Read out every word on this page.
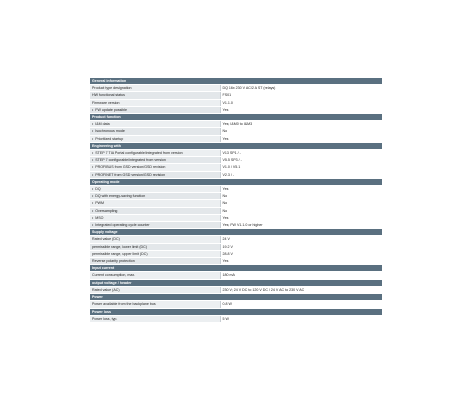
General information	
Product type designation	DQ 16x 230 V AC/2 A ST (relays)
HW functional status	FS01
Firmware version	V1.1.0
• FW update possible	Yes
Product function	
• I&M data	Yes; I&M0 to I&M3
• Isochronous mode	No
• Prioritized startup	Yes
Engineering with	
• STEP 7 TIA Portal configurable/integrated from version	V13 SP1 / -
• STEP 7 configurable/integrated from version	V5.5 SP3 / -
• PROFIBUS from GSD version/GSD revision	V1.0 / V5.1
• PROFINET from GSD version/GSD revision	V2.3 / -
Operating mode	
• DQ	Yes
• DQ with energy-saving function	No
• PWM	No
• Oversampling	No
• MSO	Yes
• Integrated operating cycle counter	Yes; FW V1.1.0 or higher
Supply voltage	
Rated value (DC)	24 V
permissible range, lower limit (DC)	19.2 V
permissible range, upper limit (DC)	28.8 V
Reverse polarity protection	Yes
Input current	
Current consumption, max.	180 mA
output voltage / header	
Rated value (AC)	230 V; 24 V DC to 120 V DC / 24 V AC to 230 V AC
Power	
Power available from the backplane bus	0.8 W
Power loss	
Power loss, typ.	5 W
